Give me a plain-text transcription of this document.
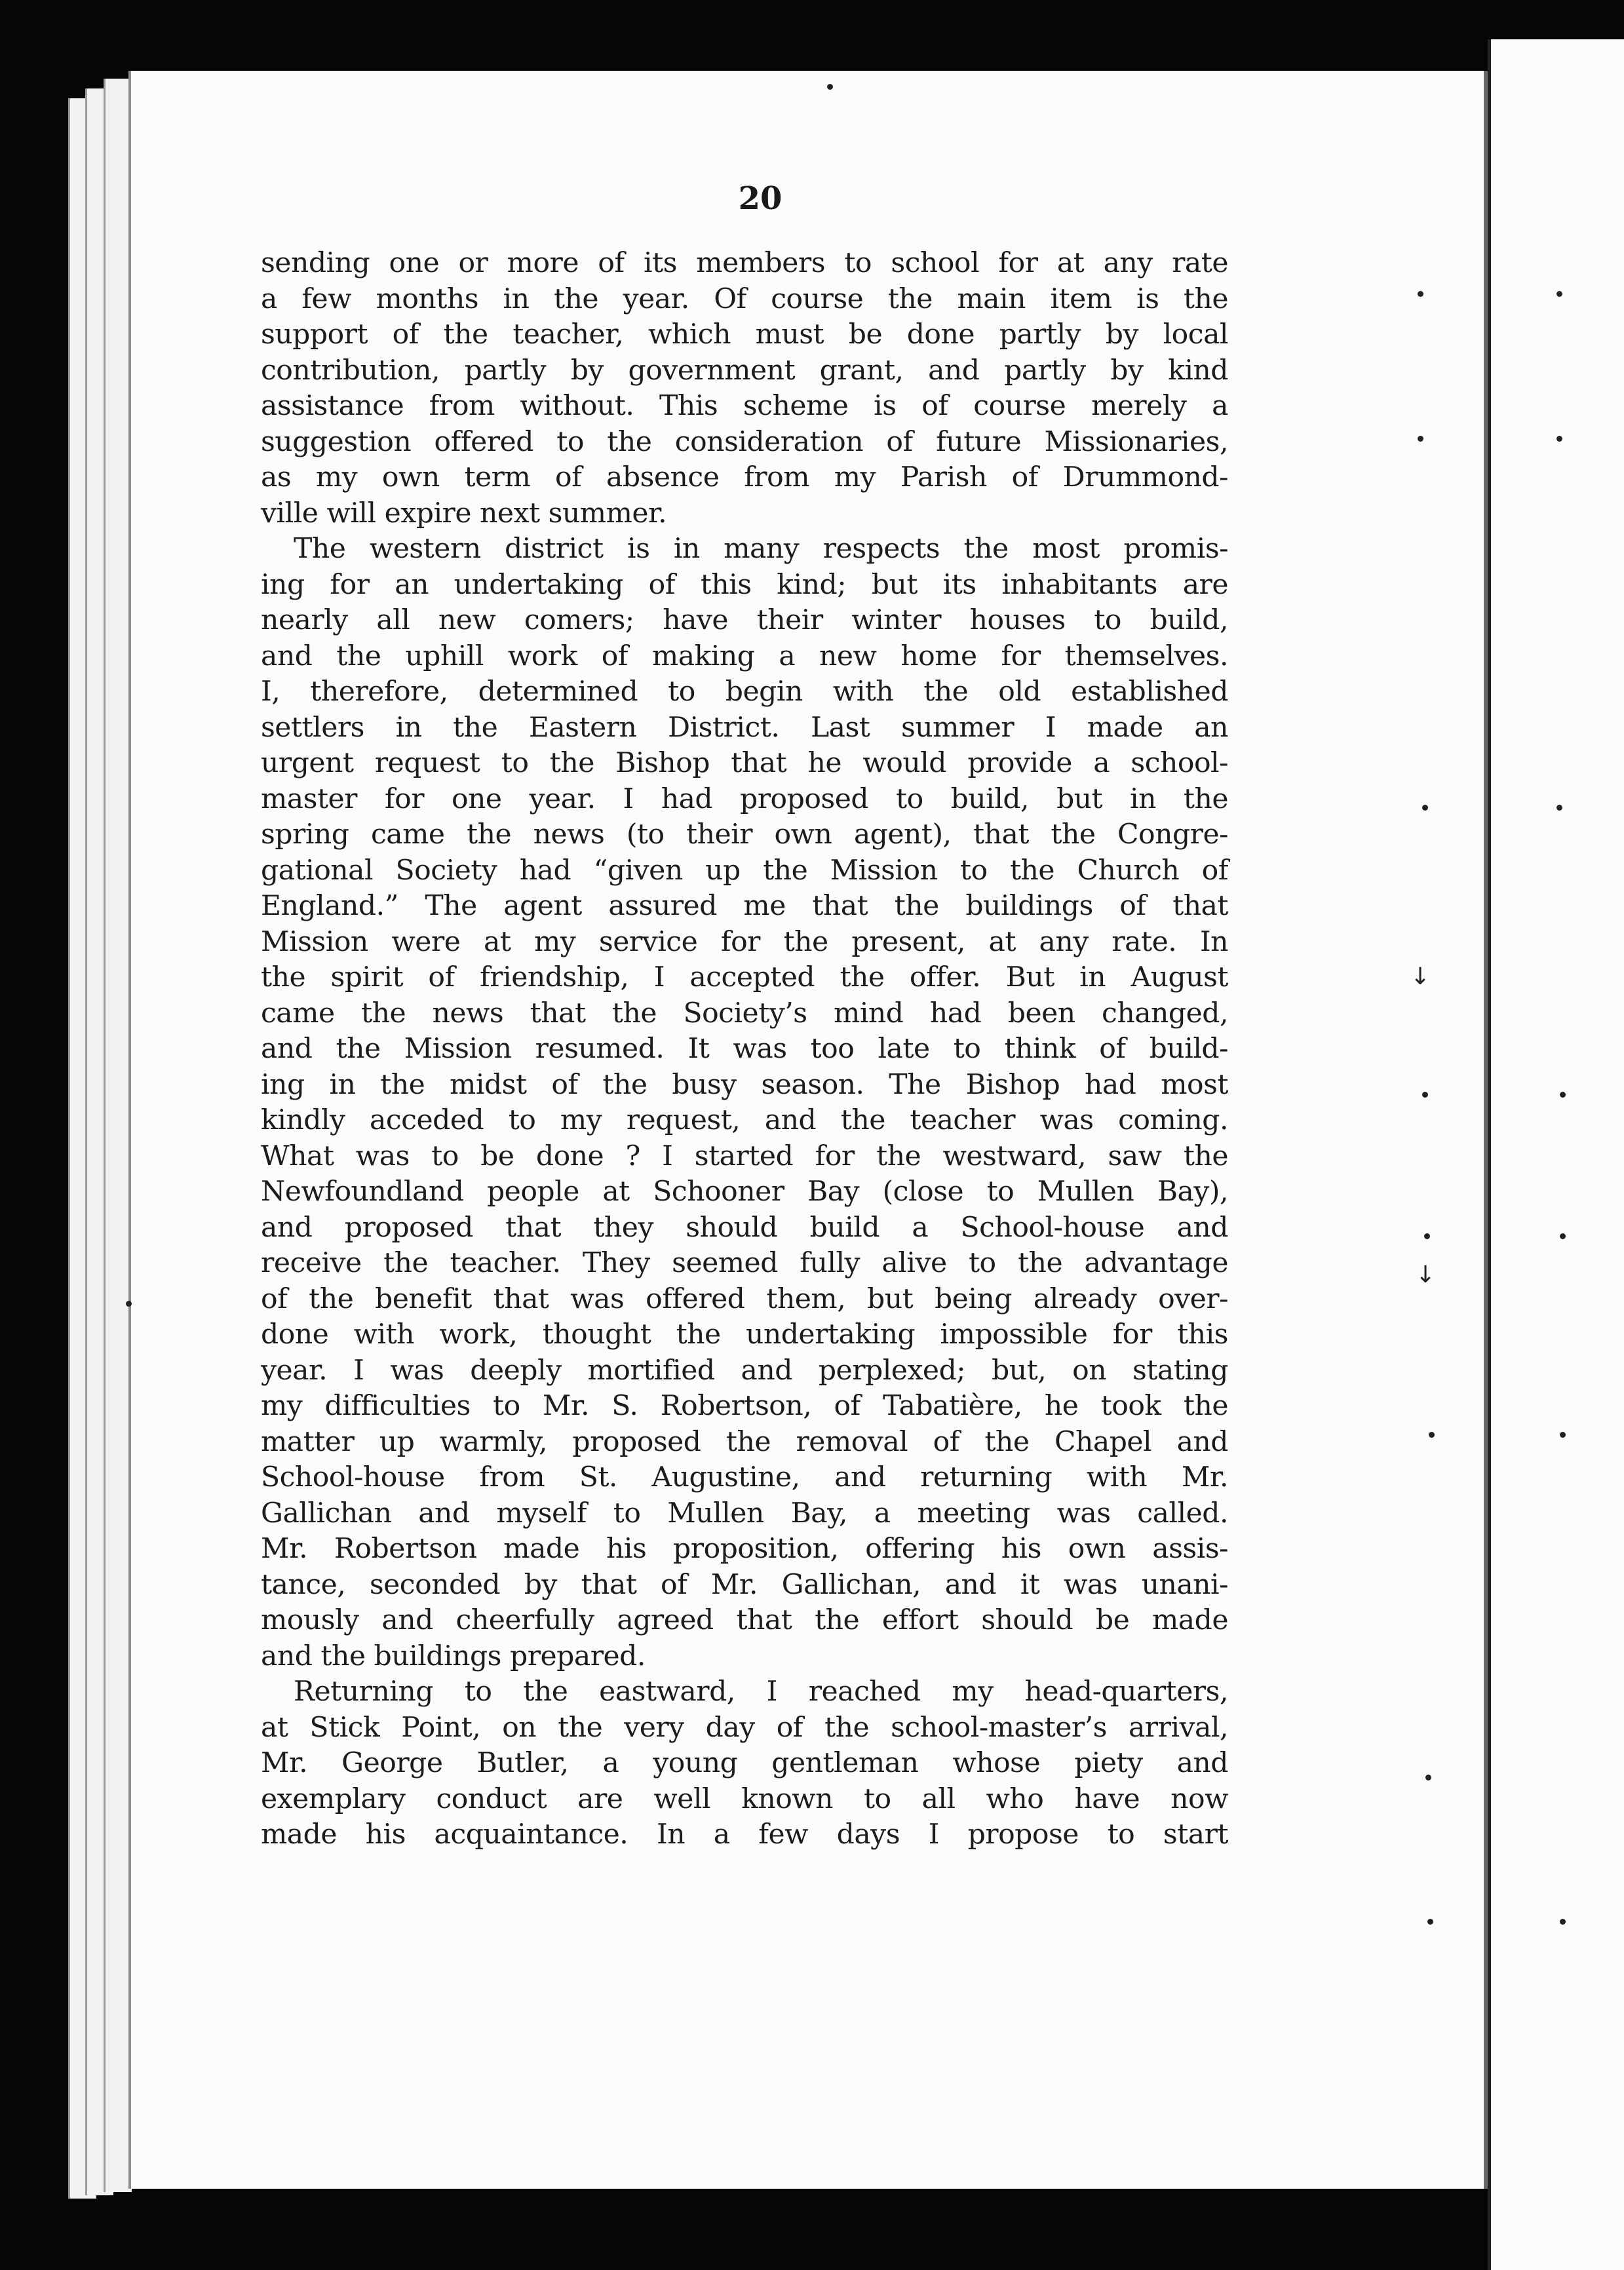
20
sending one or more of its members to school for at any rate
a few months in the year. Of course the main item is the
support of the teacher, which must be done partly by local
contribution, partly by government grant, and partly by kind
assistance from without. This scheme is of course merely a
suggestion offered to the consideration of future Missionaries,
as my own term of absence from my Parish of Drummond-
ville will expire next summer.
The western district is in many respects the most promis-
ing for an undertaking of this kind; but its inhabitants are
nearly all new comers; have their winter houses to build,
and the uphill work of making a new home for themselves.
I, therefore, determined to begin with the old established
settlers in the Eastern District. Last summer I made an
urgent request to the Bishop that he would provide a school-
master for one year. I had proposed to build, but in the
spring came the news (to their own agent), that the Congre-
gational Society had “given up the Mission to the Church of
England.” The agent assured me that the buildings of that
Mission were at my service for the present, at any rate. In
the spirit of friendship, I accepted the offer. But in August
came the news that the Society’s mind had been changed,
and the Mission resumed. It was too late to think of build-
ing in the midst of the busy season. The Bishop had most
kindly acceded to my request, and the teacher was coming.
What was to be done ? I started for the westward, saw the
Newfoundland people at Schooner Bay (close to Mullen Bay),
and proposed that they should build a School-house and
receive the teacher. They seemed fully alive to the advantage
of the benefit that was offered them, but being already over-
done with work, thought the undertaking impossible for this
year. I was deeply mortified and perplexed; but, on stating
my difficulties to Mr. S. Robertson, of Tabatière, he took the
matter up warmly, proposed the removal of the Chapel and
School-house from St. Augustine, and returning with Mr.
Gallichan and myself to Mullen Bay, a meeting was called.
Mr. Robertson made his proposition, offering his own assis-
tance, seconded by that of Mr. Gallichan, and it was unani-
mously and cheerfully agreed that the effort should be made
and the buildings prepared.
Returning to the eastward, I reached my head-quarters,
at Stick Point, on the very day of the school-master’s arrival,
Mr. George Butler, a young gentleman whose piety and
exemplary conduct are well known to all who have now
made his acquaintance. In a few days I propose to start
↓
↓
